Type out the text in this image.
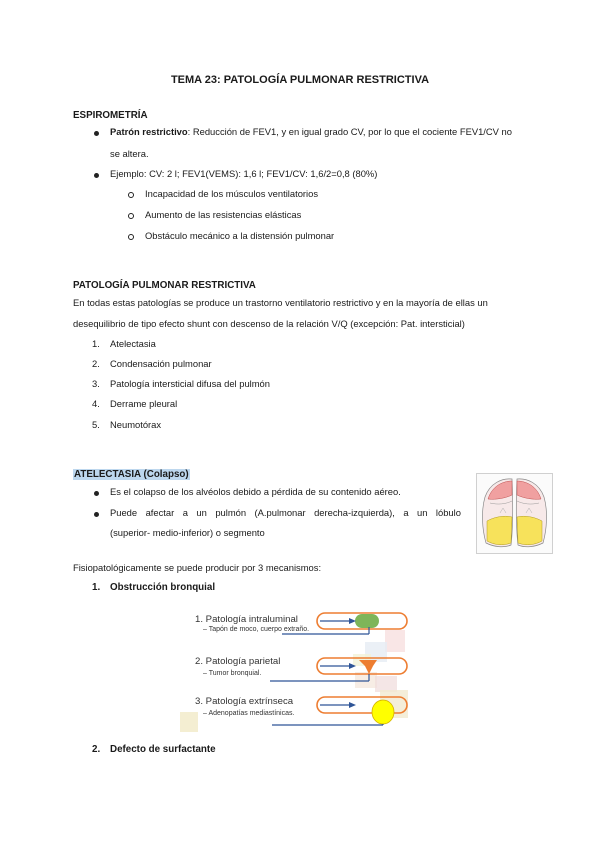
TEMA 23: PATOLOGÍA PULMONAR RESTRICTIVA
ESPIROMETRÍA
Patrón restrictivo: Reducción de FEV1, y en igual grado CV, por lo que el cociente FEV1/CV no
se altera.
Ejemplo: CV: 2 l; FEV1(VEMS): 1,6 l; FEV1/CV: 1,6/2=0,8 (80%)
Incapacidad de los músculos ventilatorios
Aumento de las resistencias elásticas
Obstáculo mecánico a la distensión pulmonar
PATOLOGÍA PULMONAR RESTRICTIVA
En todas estas patologías se produce un trastorno ventilatorio restrictivo y en la mayoría de ellas un
desequilibrio de tipo efecto shunt con descenso de la relación V/Q (excepción: Pat. intersticial)
1. Atelectasia
2. Condensación pulmonar
3. Patología intersticial difusa del pulmón
4. Derrame pleural
5. Neumotórax
ATELECTASIA (Colapso)
Es el colapso de los alvéolos debido a pérdida de su contenido aéreo.
Puede afectar a un pulmón (A.pulmonar derecha-izquierda), a un lóbulo
(superior- medio-inferior) o segmento
Fisiopatológicamente se puede producir por 3 mecanismos:
1. Obstrucción bronquial
1. Patología intraluminal
– Tapón de moco, cuerpo extraño.
2. Patología parietal
– Tumor bronquial.
3. Patología extrínseca
– Adenopatías mediastínicas.
2. Defecto de surfactante
